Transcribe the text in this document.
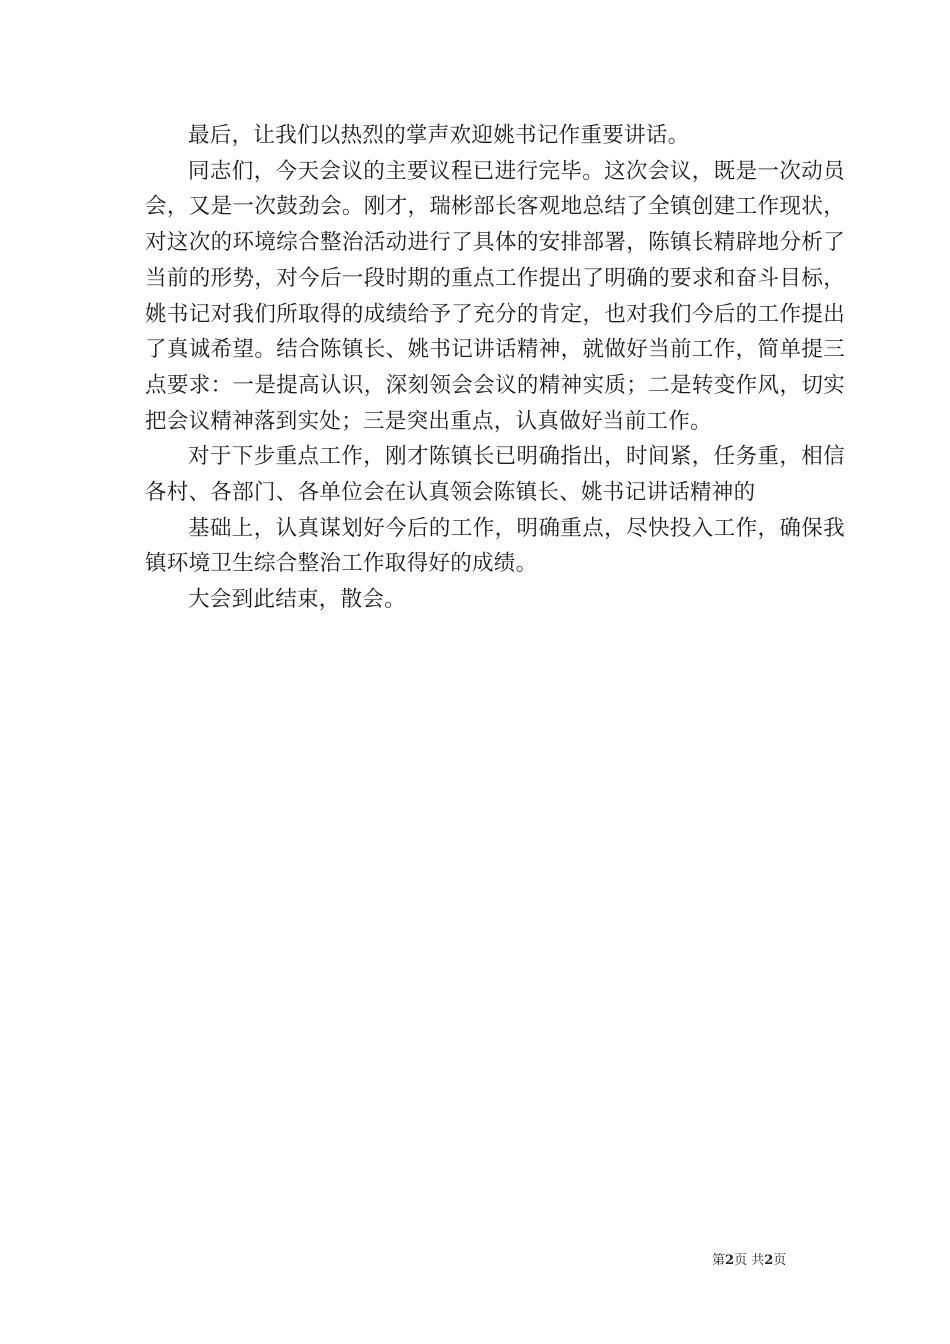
最后，让我们以热烈的掌声欢迎姚书记作重要讲话。

同志们，今天会议的主要议程已进行完毕。这次会议，既是一次动员会，又是一次鼓劲会。刚才，瑞彬部长客观地总结了全镇创建工作现状，对这次的环境综合整治活动进行了具体的安排部署，陈镇长精辟地分析了当前的形势，对今后一段时期的重点工作提出了明确的要求和奋斗目标，姚书记对我们所取得的成绩给予了充分的肯定，也对我们今后的工作提出了真诚希望。结合陈镇长、姚书记讲话精神，就做好当前工作，简单提三点要求：一是提高认识，深刻领会会议的精神实质；二是转变作风，切实把会议精神落到实处；三是突出重点，认真做好当前工作。

对于下步重点工作，刚才陈镇长已明确指出，时间紧，任务重，相信各村、各部门、各单位会在认真领会陈镇长、姚书记讲话精神的

基础上，认真谋划好今后的工作，明确重点，尽快投入工作，确保我镇环境卫生综合整治工作取得好的成绩。

大会到此结束，散会。

第2页 共2页
